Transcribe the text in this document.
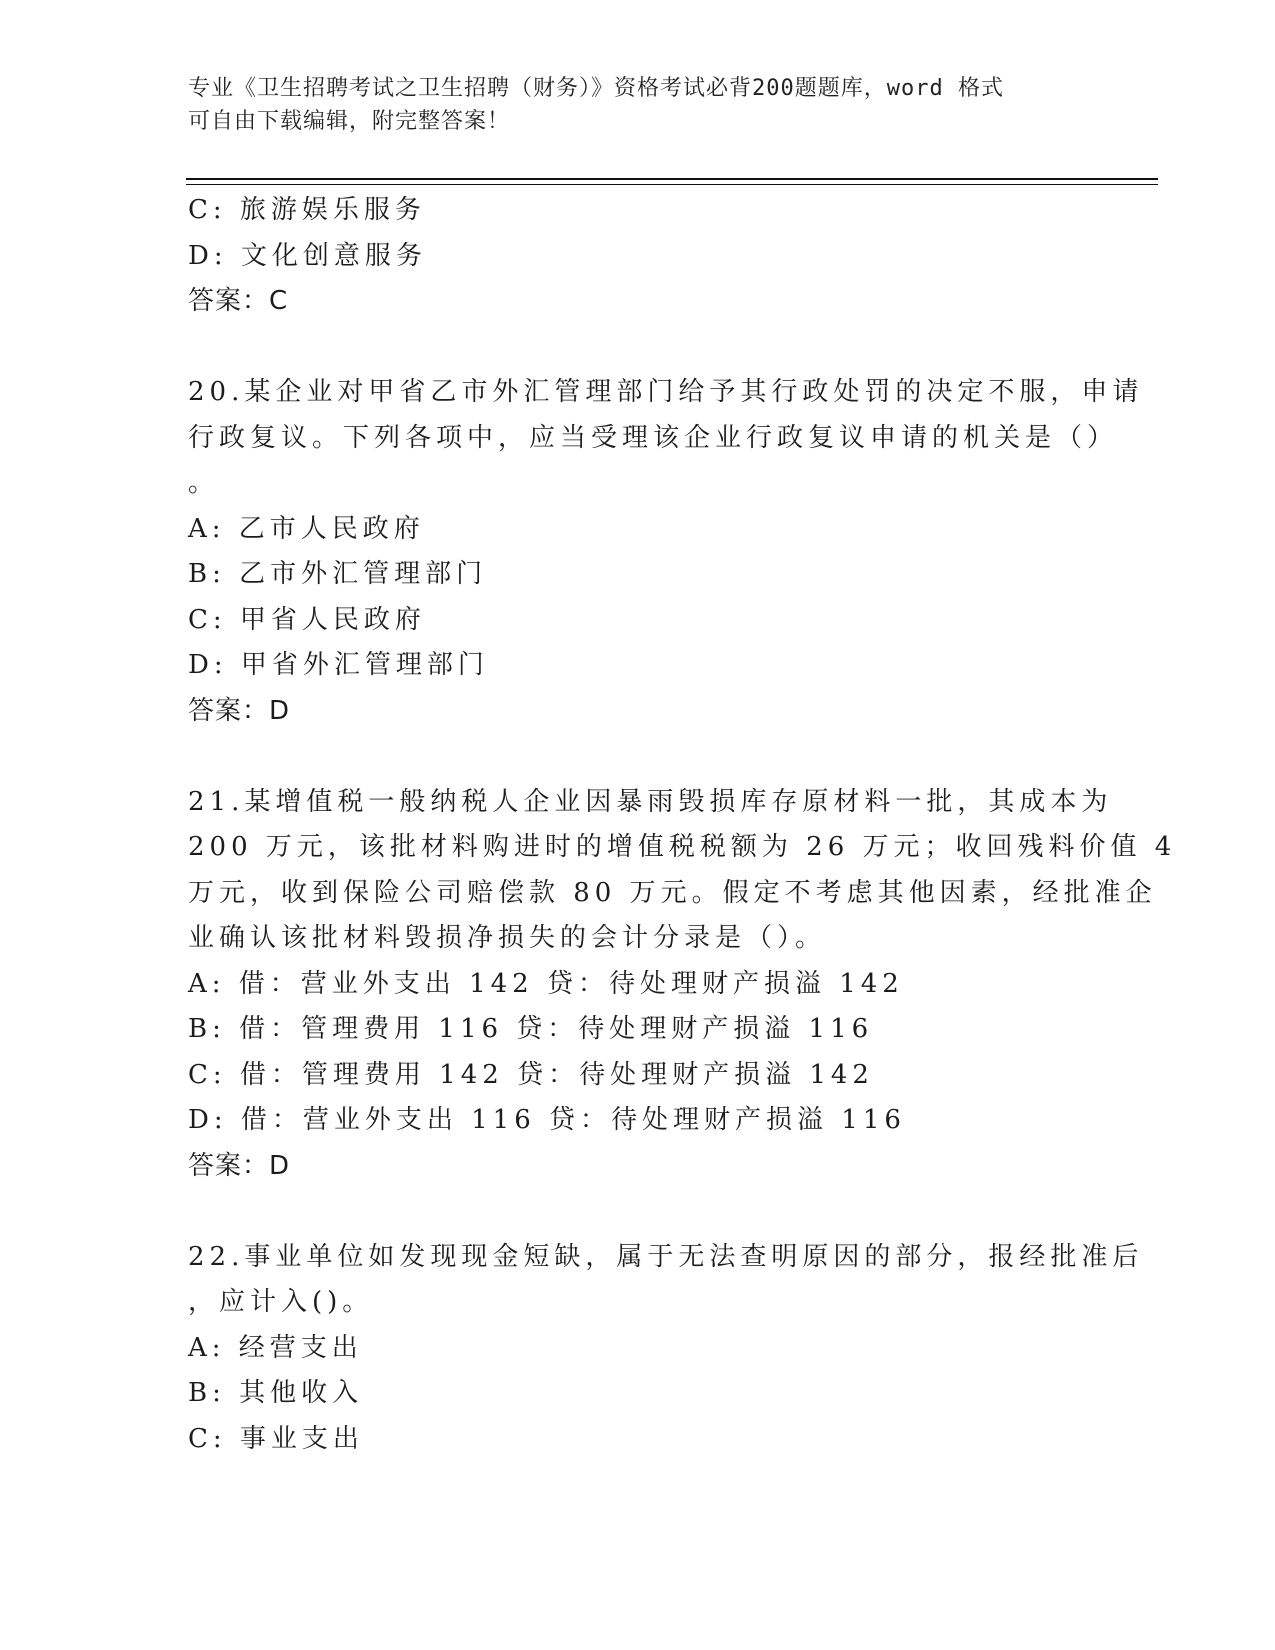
专业《卫生招聘考试之卫生招聘（财务）》资格考试必背200题题库，word 格式
可自由下载编辑，附完整答案！
C: 旅游娱乐服务
D: 文化创意服务
答案：C
20.某企业对甲省乙市外汇管理部门给予其行政处罚的决定不服，申请
行政复议。下列各项中，应当受理该企业行政复议申请的机关是（）
。
A: 乙市人民政府
B: 乙市外汇管理部门
C: 甲省人民政府
D: 甲省外汇管理部门
答案：D
21.某增值税一般纳税人企业因暴雨毁损库存原材料一批，其成本为
200 万元，该批材料购进时的增值税税额为 26 万元；收回残料价值 4
万元，收到保险公司赔偿款 80 万元。假定不考虑其他因素，经批准企
业确认该批材料毁损净损失的会计分录是（）。
A: 借：营业外支出 142 贷：待处理财产损溢 142
B: 借：管理费用 116 贷：待处理财产损溢 116
C: 借：管理费用 142 贷：待处理财产损溢 142
D: 借：营业外支出 116 贷：待处理财产损溢 116
答案：D
22.事业单位如发现现金短缺，属于无法查明原因的部分，报经批准后
，应计入()。
A: 经营支出
B: 其他收入
C: 事业支出
